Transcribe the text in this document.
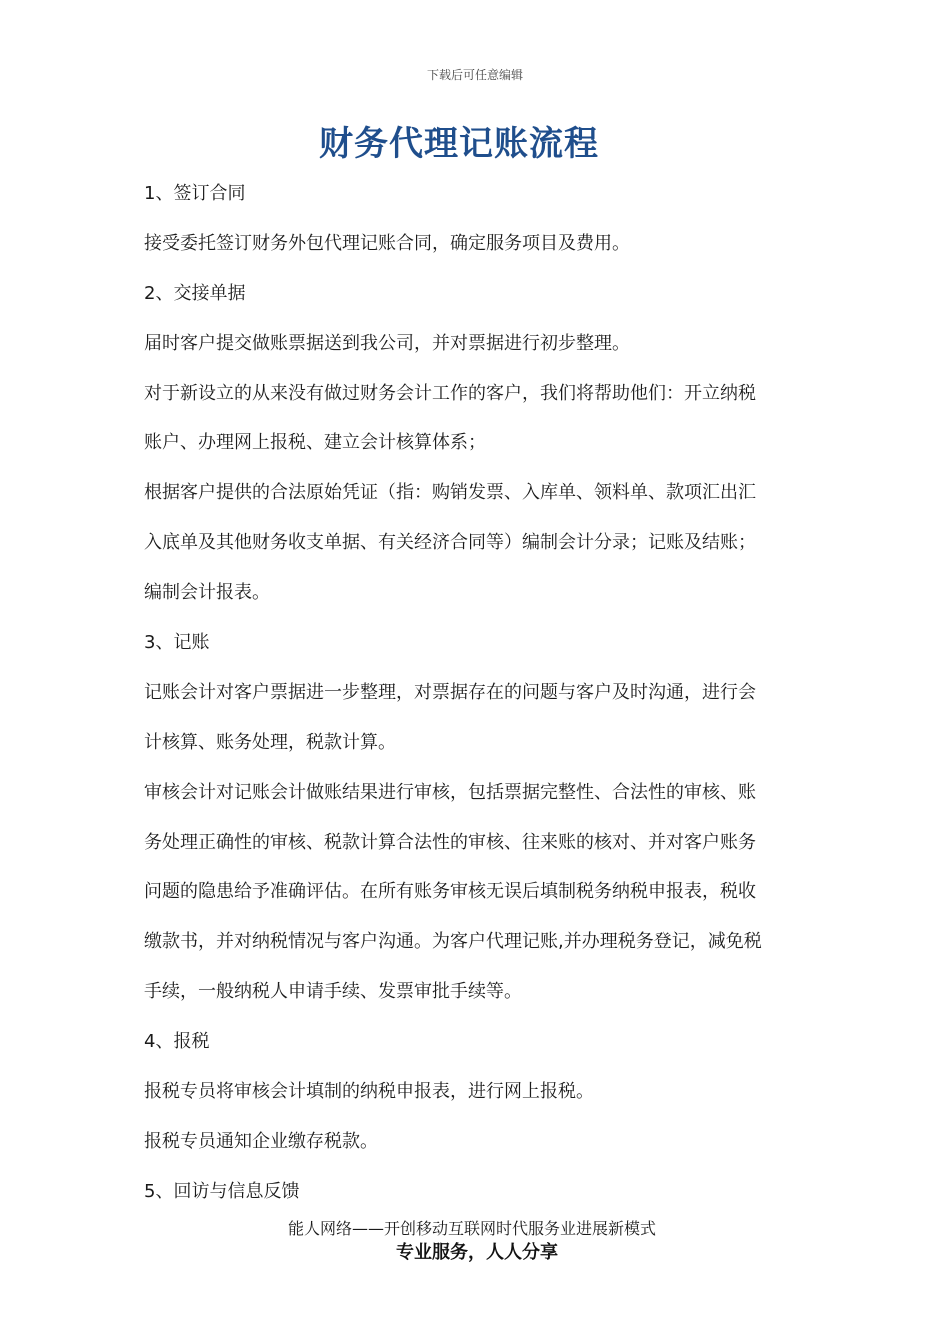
下载后可任意编辑
财务代理记账流程

1、签订合同

接受委托签订财务外包代理记账合同，确定服务项目及费用。

2、交接单据

届时客户提交做账票据送到我公司，并对票据进行初步整理。

对于新设立的从来没有做过财务会计工作的客户，我们将帮助他们：开立纳税

账户、办理网上报税、建立会计核算体系；

根据客户提供的合法原始凭证（指：购销发票、入库单、领料单、款项汇出汇

入底单及其他财务收支单据、有关经济合同等）编制会计分录；记账及结账；

编制会计报表。

3、记账

记账会计对客户票据进一步整理，对票据存在的问题与客户及时沟通，进行会

计核算、账务处理，税款计算。

审核会计对记账会计做账结果进行审核，包括票据完整性、合法性的审核、账

务处理正确性的审核、税款计算合法性的审核、往来账的核对、并对客户账务

问题的隐患给予准确评估。在所有账务审核无误后填制税务纳税申报表，税收

缴款书，并对纳税情况与客户沟通。为客户代理记账,并办理税务登记，减免税

手续，一般纳税人申请手续、发票审批手续等。

4、报税

报税专员将审核会计填制的纳税申报表，进行网上报税。

报税专员通知企业缴存税款。

5、回访与信息反馈

能人网络——开创移动互联网时代服务业进展新模式
专业服务，人人分享
